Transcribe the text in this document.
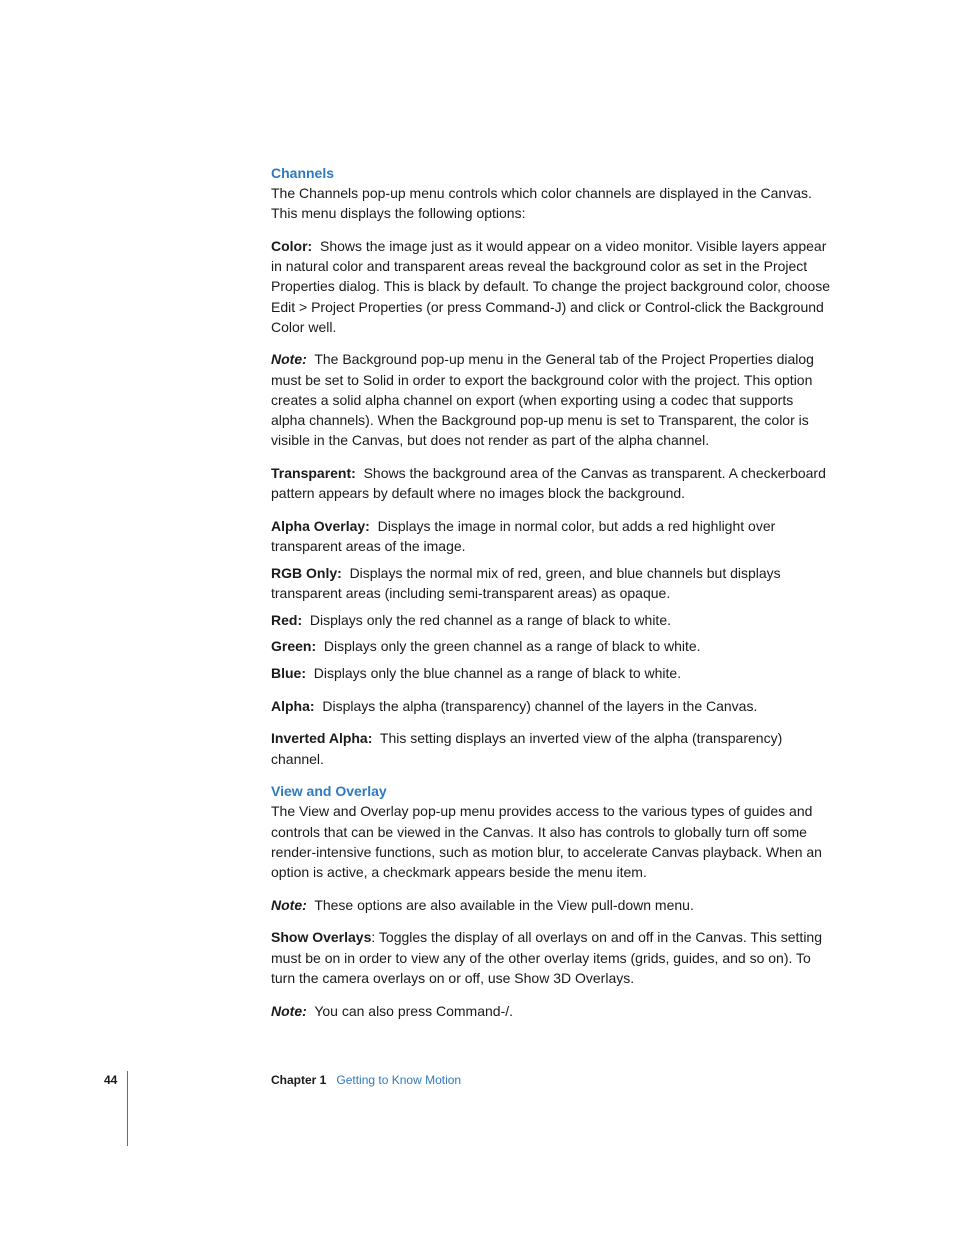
Channels

The Channels pop-up menu controls which color channels are displayed in the Canvas. This menu displays the following options:

Color: Shows the image just as it would appear on a video monitor. Visible layers appear in natural color and transparent areas reveal the background color as set in the Project Properties dialog. This is black by default. To change the project background color, choose Edit > Project Properties (or press Command-J) and click or Control-click the Background Color well.

Note: The Background pop-up menu in the General tab of the Project Properties dialog must be set to Solid in order to export the background color with the project. This option creates a solid alpha channel on export (when exporting using a codec that supports alpha channels). When the Background pop-up menu is set to Transparent, the color is visible in the Canvas, but does not render as part of the alpha channel.

Transparent: Shows the background area of the Canvas as transparent. A checkerboard pattern appears by default where no images block the background.

Alpha Overlay: Displays the image in normal color, but adds a red highlight over transparent areas of the image.

RGB Only: Displays the normal mix of red, green, and blue channels but displays transparent areas (including semi-transparent areas) as opaque.

Red: Displays only the red channel as a range of black to white.

Green: Displays only the green channel as a range of black to white.

Blue: Displays only the blue channel as a range of black to white.

Alpha: Displays the alpha (transparency) channel of the layers in the Canvas.

Inverted Alpha: This setting displays an inverted view of the alpha (transparency) channel.

View and Overlay

The View and Overlay pop-up menu provides access to the various types of guides and controls that can be viewed in the Canvas. It also has controls to globally turn off some render-intensive functions, such as motion blur, to accelerate Canvas playback. When an option is active, a checkmark appears beside the menu item.

Note: These options are also available in the View pull-down menu.

Show Overlays: Toggles the display of all overlays on and off in the Canvas. This setting must be on in order to view any of the other overlay items (grids, guides, and so on). To turn the camera overlays on or off, use Show 3D Overlays.

Note: You can also press Command-/.

44	Chapter 1 Getting to Know Motion
